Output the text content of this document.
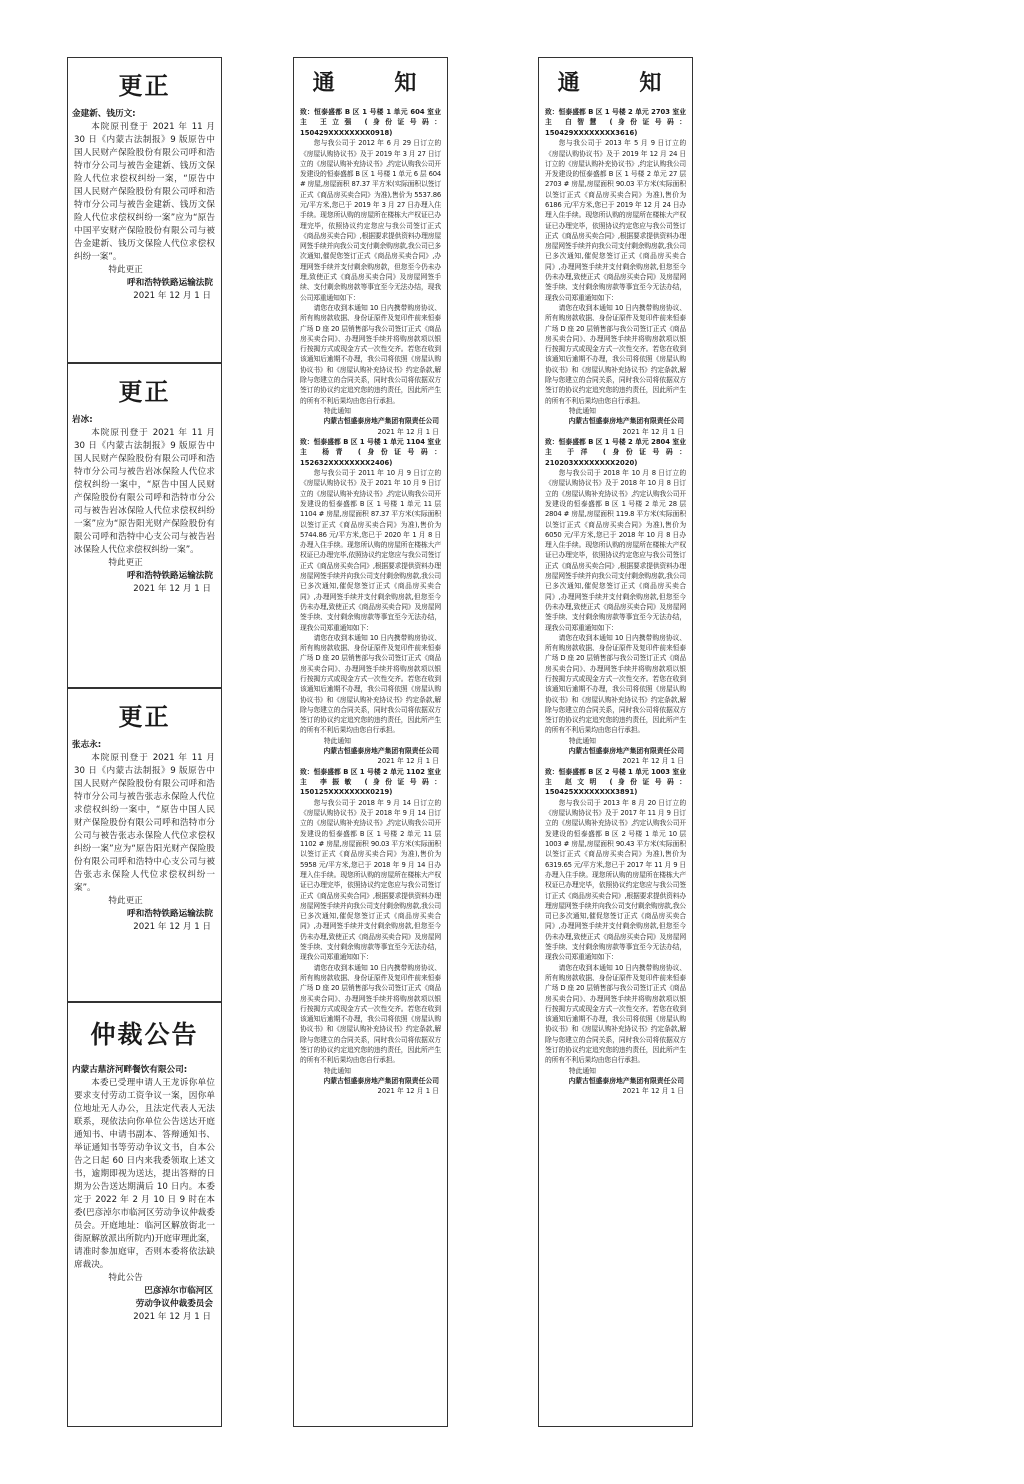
更正
金建新、钱历文:

本院原刊登于 2021 年 11 月 30 日《内蒙古法制报》9 版原告中国人民财产保险股份有限公司呼和浩特市分公司与被告金建新、钱历文保险人代位求偿权纠纷一案，“原告中国人民财产保险股份有限公司呼和浩特市分公司与被告金建新、钱历文保险人代位求偿权纠纷一案”应为“原告中国平安财产保险股份有限公司与被告金建新、钱历文保险人代位求偿权纠纷一案”。

特此更正
呼和浩特铁路运输法院
2021 年 12 月 1 日
更正
岩冰:

本院原刊登于 2021 年 11 月 30 日《内蒙古法制报》9 版原告中国人民财产保险股份有限公司呼和浩特市分公司与被告岩冰保险人代位求偿权纠纷一案中，“原告中国人民财产保险股份有限公司呼和浩特市分公司与被告岩冰保险人代位求偿权纠纷一案”应为“原告阳光财产保险股份有限公司呼和浩特中心支公司与被告岩冰保险人代位求偿权纠纷一案”。

特此更正
呼和浩特铁路运输法院
2021 年 12 月 1 日
更正
张志永:

本院原刊登于 2021 年 11 月 30 日《内蒙古法制报》9 版原告中国人民财产保险股份有限公司呼和浩特市分公司与被告张志永保险人代位求偿权纠纷一案中，“原告中国人民财产保险股份有限公司呼和浩特市分公司与被告张志永保险人代位求偿权纠纷一案”应为“原告阳光财产保险股份有限公司呼和浩特中心支公司与被告张志永保险人代位求偿权纠纷一案”。

特此更正
呼和浩特铁路运输法院
2021 年 12 月 1 日
仲裁公告
内蒙古鼎济河畔餐饮有限公司:

本委已受理申请人王龙诉你单位要求支付劳动工资争议一案，因你单位地址无人办公，且法定代表人无法联系，现依法向你单位公告送达开庭通知书、申请书副本、答辩通知书、举证通知书等劳动争议文书，自本公告之日起 60 日内来我委领取上述文书，逾期即视为送达，提出答辩的日期为公告送达期满后 10 日内。本委定于 2022 年 2 月 10 日 9 时在本委(巴彦淖尔市临河区劳动争议仲裁委员会。开庭地址：临河区解放街北一街原解放派出所院内)开庭审理此案，请准时参加庭审，否则本委将依法缺席裁决。

特此公告
巴彦淖尔市临河区
劳动争议仲裁委员会
2021 年 12 月 1 日
通 知
致：恒泰盛都 B 区 1 号楼 1 单元 604 室业主 王立强 (身份证号码：150429XXXXXXXX0918)

您与我公司于 2012 年 6 月 29 日订立的《房屋认购协议书》及于 2019 年 3 月 27 日订立的《房屋认购补充协议书》,约定认购我公司开发建设的恒泰盛都 B 区 1 号楼 1 单元 6 层 604 # 房屋,房屋面积 87.37 平方米(实际面积以签订正式《商品房买卖合同》为准),售价为 5537.86 元/平方米,您已于 2019 年 3 月 27 日办理入住手续。现您所认购的房屋所在楼栋大产权证已办理完毕，依照协议约定您应与我公司签订正式《商品房买卖合同》,根据要求提供资料办理房屋网签手续并向我公司支付剩余购房款,我公司已多次通知,催促您签订正式《商品房买卖合同》,办理网签手续并支付剩余购房款，但您至今仍未办理,致使正式《商品房买卖合同》及房屋网签手续、支付剩余购房款等事宜至今无法办结，现我公司郑重通知如下：

请您在收到本通知 10 日内携带购房协议、所有购房款收据、身份证原件及复印件前来恒泰广场 D 座 20 层销售部与我公司签订正式《商品房买卖合同》、办理网签手续并将购房款项以银行按揭方式或现金方式一次性交齐。若您在收到该通知后逾期不办理，我公司将依照《房屋认购协议书》和《房屋认购补充协议书》约定条款,解除与您建立的合同关系，同时我公司将依据双方签订的协议约定追究您的违约责任，因此所产生的所有不利后果均由您自行承担。

特此通知
内蒙古恒盛泰房地产集团有限责任公司
2021 年 12 月 1 日
致：恒泰盛都 B 区 1 号楼 1 单元 1104 室业主 杨青 (身份证号码：152632XXXXXXXX2406)

您与我公司于 2011 年 10 月 9 日订立的《房屋认购协议书》及于 2021 年 10 月 9 日订立的《房屋认购补充协议书》,约定认购我公司开发建设的恒泰盛都 B 区 1 号楼 1 单元 11 层 1104 # 房屋,房屋面积 87.37 平方米(实际面积以签订正式《商品房买卖合同》为准),售价为 5744.86 元/平方米,您已于 2020 年 1 月 8 日办理入住手续。现您所认购的房屋所在楼栋大产权证已办理完毕,依照协议约定您应与我公司签订正式《商品房买卖合同》,根据要求提供资料办理房屋网签手续并向我公司支付剩余购房款,我公司已多次通知,催促您签订正式《商品房买卖合同》,办理网签手续并支付剩余购房款,但您至今仍未办理,致使正式《商品房买卖合同》及房屋网签手续、支付剩余购房款等事宜至今无法办结，现我公司郑重通知如下：

请您在收到本通知 10 日内携带购房协议、所有购房款收据、身份证原件及复印件前来恒泰广场 D 座 20 层销售部与我公司签订正式《商品房买卖合同》、办理网签手续并将购房款项以银行按揭方式或现金方式一次性交齐。若您在收到该通知后逾期不办理，我公司将依照《房屋认购协议书》和《房屋认购补充协议书》约定条款,解除与您建立的合同关系，同时我公司将依据双方签订的协议约定追究您的违约责任，因此所产生的所有不利后果均由您自行承担。

特此通知
内蒙古恒盛泰房地产集团有限责任公司
2021 年 12 月 1 日
致：恒泰盛都 B 区 1 号楼 2 单元 1102 室业主 李振敏 (身份证号码：150125XXXXXXXX0219)

您与我公司于 2018 年 9 月 14 日订立的《房屋认购协议书》及于 2018 年 9 月 14 日订立的《房屋认购补充协议书》,约定认购我公司开发建设的恒泰盛都 B 区 1 号楼 2 单元 11 层 1102 # 房屋,房屋面积 90.03 平方米(实际面积以签订正式《商品房买卖合同》为准),售价为 5958 元/平方米,您已于 2018 年 9 月 14 日办理入住手续。现您所认购的房屋所在楼栋大产权证已办理完毕，依照协议约定您应与我公司签订正式《商品房买卖合同》,根据要求提供资料办理房屋网签手续并向我公司支付剩余购房款,我公司已多次通知,催促您签订正式《商品房买卖合同》,办理网签手续并支付剩余购房款,但您至今仍未办理,致使正式《商品房买卖合同》及房屋网签手续、支付剩余购房款等事宜至今无法办结，现我公司郑重通知如下：

请您在收到本通知 10 日内携带购房协议、所有购房款收据、身份证原件及复印件前来恒泰广场 D 座 20 层销售部与我公司签订正式《商品房买卖合同》、办理网签手续并将购房款项以银行按揭方式或现金方式一次性交齐。若您在收到该通知后逾期不办理，我公司将依照《房屋认购协议书》和《房屋认购补充协议书》约定条款,解除与您建立的合同关系，同时我公司将依据双方签订的协议约定追究您的违约责任，因此所产生的所有不利后果均由您自行承担。

特此通知
内蒙古恒盛泰房地产集团有限责任公司
2021 年 12 月 1 日
通 知
致：恒泰盛都 B 区 1 号楼 2 单元 2703 室业主 白智慧 (身份证号码：150429XXXXXXXX3616)

您与我公司于 2013 年 5 月 9 日订立的《房屋认购协议书》及于 2019 年 12 月 24 日订立的《房屋认购补充协议书》,约定认购我公司开发建设的恒泰盛都 B 区 1 号楼 2 单元 27 层 2703 # 房屋,房屋面积 90.03 平方米(实际面积以签订正式《商品房买卖合同》为准),售价为 6186 元/平方米,您已于 2019 年 12 月 24 日办理入住手续。现您所认购的房屋所在楼栋大产权证已办理完毕，依照协议约定您应与我公司签订正式《商品房买卖合同》,根据要求提供资料办理房屋网签手续并向我公司支付剩余购房款,我公司已多次通知,催促您签订正式《商品房买卖合同》,办理网签手续并支付剩余购房款,但您至今仍未办理,致使正式《商品房买卖合同》及房屋网签手续、支付剩余购房款等事宜至今无法办结，现我公司郑重通知如下：

请您在收到本通知 10 日内携带购房协议、所有购房款收据、身份证原件及复印件前来恒泰广场 D 座 20 层销售部与我公司签订正式《商品房买卖合同》、办理网签手续并将购房款项以银行按揭方式或现金方式一次性交齐。若您在收到该通知后逾期不办理，我公司将依照《房屋认购协议书》和《房屋认购补充协议书》约定条款,解除与您建立的合同关系，同时我公司将依据双方签订的协议约定追究您的违约责任，因此所产生的所有不利后果均由您自行承担。

特此通知
内蒙古恒盛泰房地产集团有限责任公司
2021 年 12 月 1 日
致：恒泰盛都 B 区 1 号楼 2 单元 2804 室业主 于洋 (身份证号码：210203XXXXXXXX2020)

您与我公司于 2018 年 10 月 8 日订立的《房屋认购协议书》及于 2018 年 10 月 8 日订立的《房屋认购补充协议书》,约定认购我公司开发建设的恒泰盛都 B 区 1 号楼 2 单元 28 层 2804 # 房屋,房屋面积 119.8 平方米(实际面积以签订正式《商品房买卖合同》为准),售价为 6050 元/平方米,您已于 2018 年 10 月 8 日办理入住手续。现您所认购的房屋所在楼栋大产权证已办理完毕，依照协议约定您应与我公司签订正式《商品房买卖合同》,根据要求提供资料办理房屋网签手续并向我公司支付剩余购房款,我公司已多次通知,催促您签订正式《商品房买卖合同》,办理网签手续并支付剩余购房款,但您至今仍未办理,致使正式《商品房买卖合同》及房屋网签手续、支付剩余购房款等事宜至今无法办结，现我公司郑重通知如下：

请您在收到本通知 10 日内携带购房协议、所有购房款收据、身份证原件及复印件前来恒泰广场 D 座 20 层销售部与我公司签订正式《商品房买卖合同》、办理网签手续并将购房款项以银行按揭方式或现金方式一次性交齐。若您在收到该通知后逾期不办理，我公司将依照《房屋认购协议书》和《房屋认购补充协议书》约定条款,解除与您建立的合同关系，同时我公司将依据双方签订的协议约定追究您的违约责任，因此所产生的所有不利后果均由您自行承担。

特此通知
内蒙古恒盛泰房地产集团有限责任公司
2021 年 12 月 1 日
致：恒泰盛都 B 区 2 号楼 1 单元 1003 室业主 赵文明 (身份证号码：150425XXXXXXXX3891)

您与我公司于 2013 年 8 月 20 日订立的《房屋认购协议书》及于 2017 年 11 月 9 日订立的《房屋认购补充协议书》,约定认购我公司开发建设的恒泰盛都 B 区 2 号楼 1 单元 10 层 1003 # 房屋,房屋面积 90.43 平方米(实际面积以签订正式《商品房买卖合同》为准),售价为 6319.65 元/平方米,您已于 2017 年 11 月 9 日办理入住手续。现您所认购的房屋所在楼栋大产权证已办理完毕，依照协议约定您应与我公司签订正式《商品房买卖合同》,根据要求提供资料办理房屋网签手续并向我公司支付剩余购房款,我公司已多次通知,催促您签订正式《商品房买卖合同》,办理网签手续并支付剩余购房款,但您至今仍未办理,致使正式《商品房买卖合同》及房屋网签手续、支付剩余购房款等事宜至今无法办结，现我公司郑重通知如下：

请您在收到本通知 10 日内携带购房协议、所有购房款收据、身份证原件及复印件前来恒泰广场 D 座 20 层销售部与我公司签订正式《商品房买卖合同》、办理网签手续并将购房款项以银行按揭方式或现金方式一次性交齐。若您在收到该通知后逾期不办理，我公司将依照《房屋认购协议书》和《房屋认购补充协议书》约定条款,解除与您建立的合同关系，同时我公司将依据双方签订的协议约定追究您的违约责任，因此所产生的所有不利后果均由您自行承担。

特此通知
内蒙古恒盛泰房地产集团有限责任公司
2021 年 12 月 1 日
